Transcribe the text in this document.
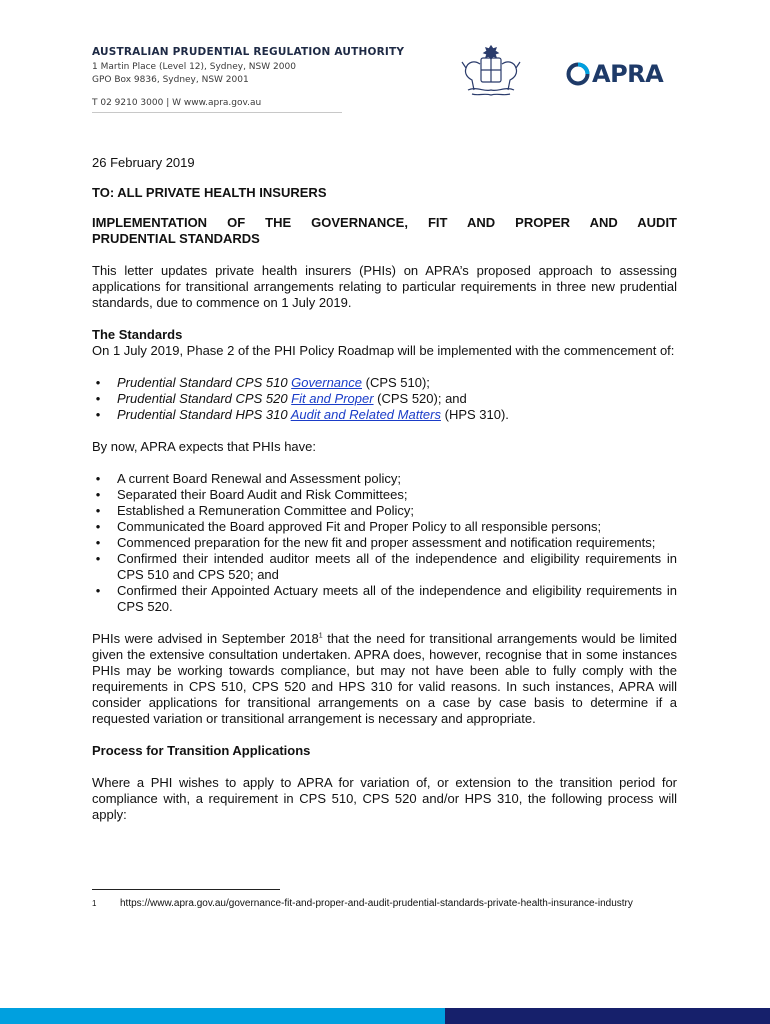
AUSTRALIAN PRUDENTIAL REGULATION AUTHORITY
1 Martin Place (Level 12), Sydney, NSW 2000
GPO Box 9836, Sydney, NSW 2001
T 02 9210 3000 | W www.apra.gov.au
APRA

26 February 2019

TO: ALL PRIVATE HEALTH INSURERS

IMPLEMENTATION OF THE GOVERNANCE, FIT AND PROPER AND AUDIT
PRUDENTIAL STANDARDS

This letter updates private health insurers (PHIs) on APRA’s proposed approach to assessing applications for transitional arrangements relating to particular requirements in three new prudential standards, due to commence on 1 July 2019.

The Standards

On 1 July 2019, Phase 2 of the PHI Policy Roadmap will be implemented with the commencement of:

• Prudential Standard CPS 510 Governance (CPS 510);
• Prudential Standard CPS 520 Fit and Proper (CPS 520); and
• Prudential Standard HPS 310 Audit and Related Matters (HPS 310).

By now, APRA expects that PHIs have:

• A current Board Renewal and Assessment policy;
• Separated their Board Audit and Risk Committees;
• Established a Remuneration Committee and Policy;
• Communicated the Board approved Fit and Proper Policy to all responsible persons;
• Commenced preparation for the new fit and proper assessment and notification requirements;
• Confirmed their intended auditor meets all of the independence and eligibility requirements in CPS 510 and CPS 520; and
• Confirmed their Appointed Actuary meets all of the independence and eligibility requirements in CPS 520.

PHIs were advised in September 2018$^1$ that the need for transitional arrangements would be limited given the extensive consultation undertaken. APRA does, however, recognise that in some instances PHIs may be working towards compliance, but may not have been able to fully comply with the requirements in CPS 510, CPS 520 and HPS 310 for valid reasons. In such instances, APRA will consider applications for transitional arrangements on a case by case basis to determine if a requested variation or transitional arrangement is necessary and appropriate.

Process for Transition Applications

Where a PHI wishes to apply to APRA for variation of, or extension to the transition period for compliance with, a requirement in CPS 510, CPS 520 and/or HPS 310, the following process will apply:

1 https://www.apra.gov.au/governance-fit-and-proper-and-audit-prudential-standards-private-health-insurance-industry
